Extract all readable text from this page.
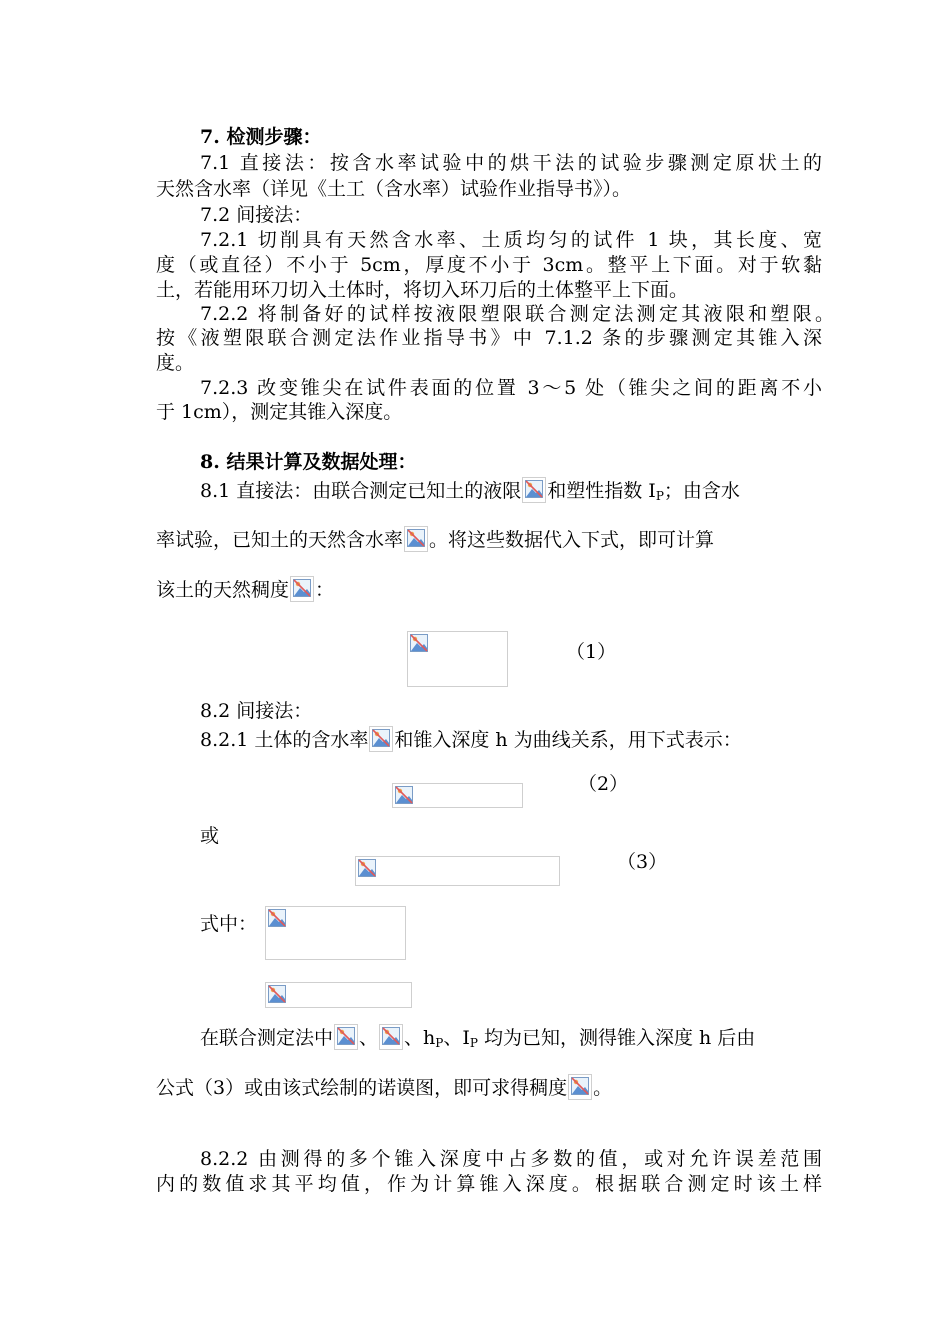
7. 检测步骤：
7.1 直接法：按含水率试验中的烘干法的试验步骤测定原状土的
天然含水率（详见《土工（含水率）试验作业指导书》）。
7.2 间接法：
7.2.1 切削具有天然含水率、土质均匀的试件 1 块，其长度、宽
度（或直径）不小于 5cm，厚度不小于 3cm。整平上下面。对于软黏
土，若能用环刀切入土体时，将切入环刀后的土体整平上下面。
7.2.2 将制备好的试样按液限塑限联合测定法测定其液限和塑限。
按《液塑限联合测定法作业指导书》中 7.1.2 条的步骤测定其锥入深
度。
7.2.3 改变锥尖在试件表面的位置 3～5 处（锥尖之间的距离不小
于 1cm），测定其锥入深度。
8. 结果计算及数据处理：
8.1 直接法：由联合测定已知土的液限 和塑性指数 $I_P$；由含水
率试验，已知土的天然含水率 。将这些数据代入下式，即可计算
该土的天然稠度 ：
（1）
8.2 间接法：
8.2.1 土体的含水率 和锥入深度 h 为曲线关系，用下式表示：
（2）
或
（3）
式中：
在联合测定法中 、 、$h_P$、$I_P$ 均为已知，测得锥入深度 h 后由
公式（3）或由该式绘制的诺谟图，即可求得稠度 。
8.2.2 由测得的多个锥入深度中占多数的值，或对允许误差范围
内的数值求其平均值，作为计算锥入深度。根据联合测定时该土样
